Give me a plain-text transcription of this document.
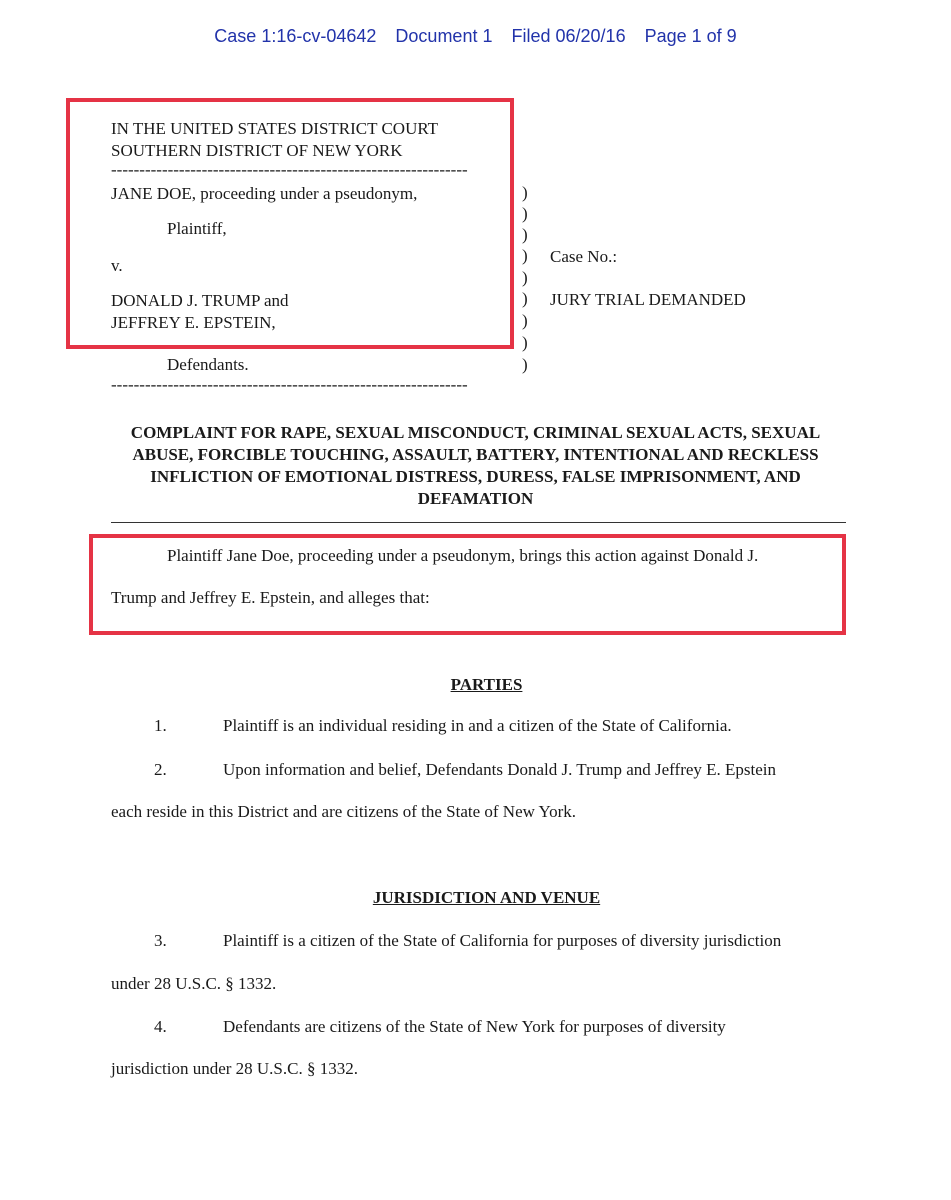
Case 1:16-cv-04642 Document 1 Filed 06/20/16 Page 1 of 9
IN THE UNITED STATES DISTRICT COURT
SOUTHERN DISTRICT OF NEW YORK
---------------------------------------------------------------
JANE DOE, proceeding under a pseudonym,
Plaintiff,
v.
DONALD J. TRUMP and
JEFFREY E. EPSTEIN,
Defendants.
---------------------------------------------------------------
)
)
)
)
)
)
)
)
)
Case No.:
JURY TRIAL DEMANDED
COMPLAINT FOR RAPE, SEXUAL MISCONDUCT, CRIMINAL SEXUAL ACTS, SEXUAL ABUSE, FORCIBLE TOUCHING, ASSAULT, BATTERY, INTENTIONAL AND RECKLESS INFLICTION OF EMOTIONAL DISTRESS, DURESS, FALSE IMPRISONMENT, AND DEFAMATION
Plaintiff Jane Doe, proceeding under a pseudonym, brings this action against Donald J.
Trump and Jeffrey E. Epstein, and alleges that:
PARTIES
1.	Plaintiff is an individual residing in and a citizen of the State of California.
2.	Upon information and belief, Defendants Donald J. Trump and Jeffrey E. Epstein
each reside in this District and are citizens of the State of New York.
JURISDICTION AND VENUE
3.	Plaintiff is a citizen of the State of California for purposes of diversity jurisdiction
under 28 U.S.C. § 1332.
4.	Defendants are citizens of the State of New York for purposes of diversity
jurisdiction under 28 U.S.C. § 1332.
